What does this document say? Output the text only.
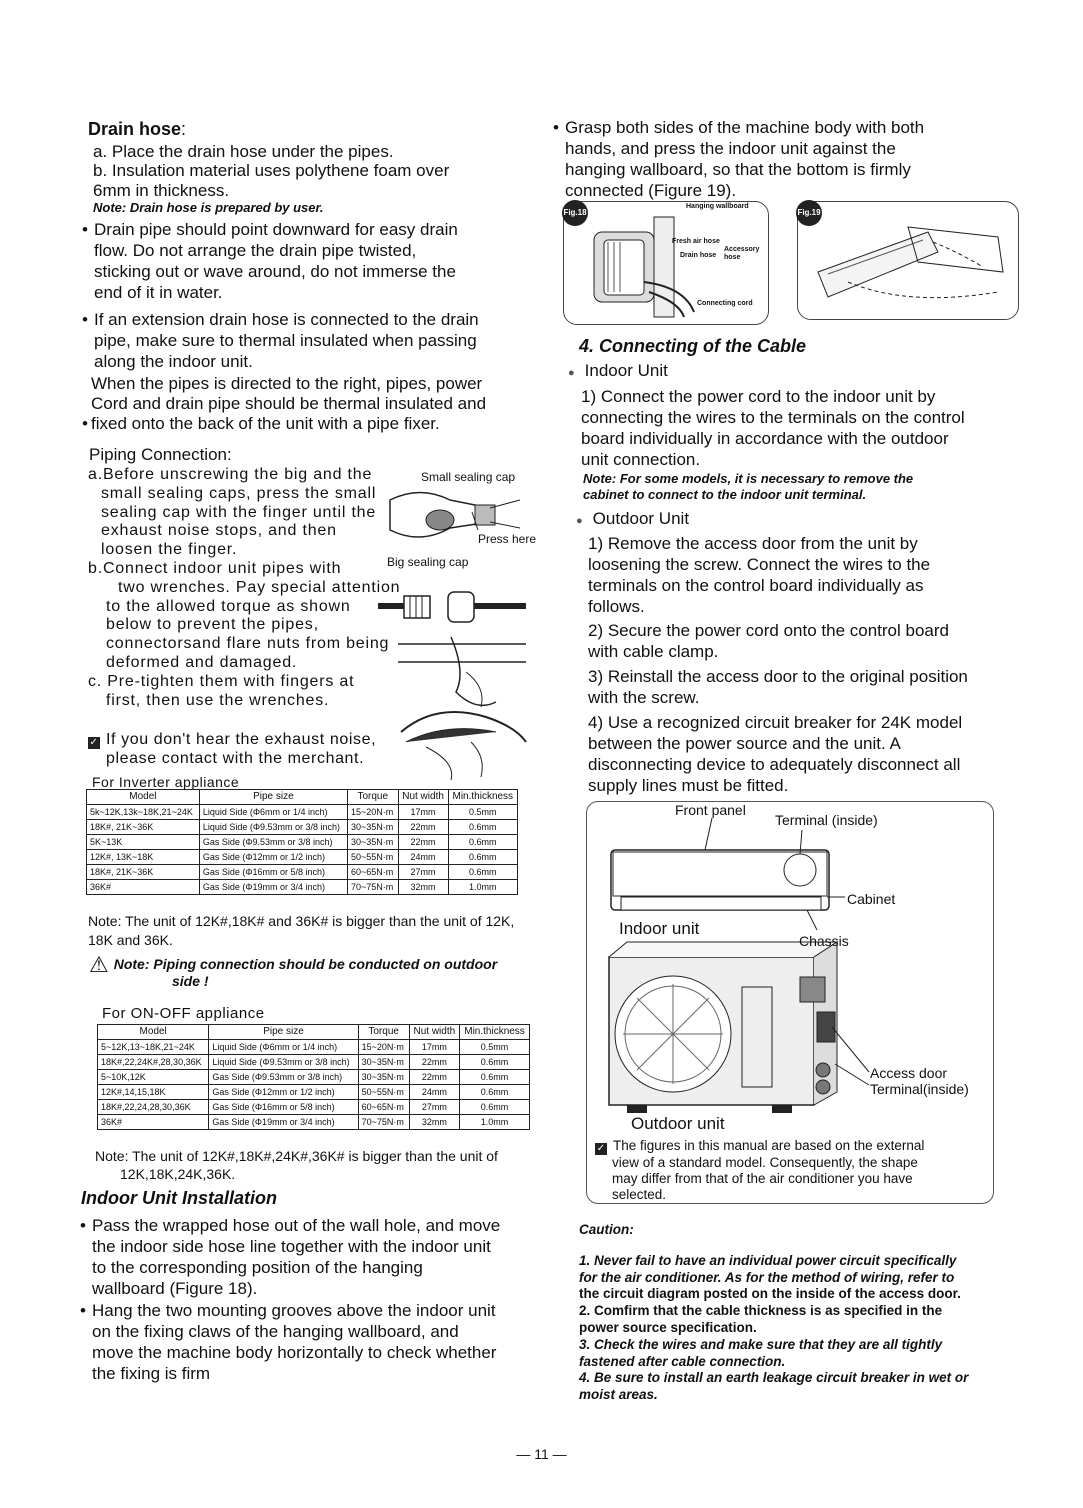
Drain hose:
a. Place the drain hose under the pipes.
b. Insulation material uses polythene foam over
6mm in thickness.
Note: Drain hose is prepared by user.
• Drain pipe should point downward for easy drain
flow. Do not arrange the drain pipe twisted,
sticking out or wave around, do not immerse the
end of it in water.
• If an extension drain hose is connected to the drain
pipe, make sure to thermal insulated when passing
along the indoor unit.
When the pipes is directed to the right, pipes, power
Cord and drain pipe should be thermal insulated and
• fixed onto the back of the unit with a pipe fixer.
Piping Connection:
a.Before unscrewing the big and the
small sealing caps, press the small
sealing cap with the finger until the
exhaust noise stops, and then
loosen the finger.
b.Connect indoor unit pipes with
two wrenches. Pay special attention
to the allowed torque as shown
below to prevent the pipes,
connectorsand flare nuts from being
deformed and damaged.
c. Pre-tighten them with fingers at
first, then use the wrenches.
Small sealing cap
Press here
Big sealing cap
✓ If you don't hear the exhaust noise,
please contact with the merchant.
For Inverter appliance
Model	Pipe size	Torque	Nut width	Min.thickness
5k~12K,13k~18K,21~24K	Liquid Side (Φ6mm or 1/4 inch)	15~20N·m	17mm	0.5mm
18K#, 21K~36K	Liquid Side (Φ9.53mm or 3/8 inch)	30~35N·m	22mm	0.6mm
5K~13K	Gas Side (Φ9.53mm or 3/8 inch)	30~35N·m	22mm	0.6mm
12K#, 13K~18K	Gas Side (Φ12mm or 1/2 inch)	50~55N·m	24mm	0.6mm
18K#, 21K~36K	Gas Side (Φ16mm or 5/8 inch)	60~65N·m	27mm	0.6mm
36K#	Gas Side (Φ19mm or 3/4 inch)	70~75N·m	32mm	1.0mm
Note: The unit of 12K#,18K# and 36K# is bigger than the unit of 12K,
18K and 36K.
⚠ Note: Piping connection should be conducted on outdoor
side !
For ON-OFF appliance
Model	Pipe size	Torque	Nut width	Min.thickness
5~12K,13~18K,21~24K	Liquid Side (Φ6mm or 1/4 inch)	15~20N·m	17mm	0.5mm
18K#,22,24K#,28,30,36K	Liquid Side (Φ9.53mm or 3/8 inch)	30~35N·m	22mm	0.6mm
5~10K,12K	Gas Side (Φ9.53mm or 3/8 inch)	30~35N·m	22mm	0.6mm
12K#,14,15,18K	Gas Side (Φ12mm or 1/2 inch)	50~55N·m	24mm	0.6mm
18K#,22,24,28,30,36K	Gas Side (Φ16mm or 5/8 inch)	60~65N·m	27mm	0.6mm
36K#	Gas Side (Φ19mm or 3/4 inch)	70~75N·m	32mm	1.0mm
Note: The unit of 12K#,18K#,24K#,36K# is bigger than the unit of
12K,18K,24K,36K.
Indoor Unit Installation
• Pass the wrapped hose out of the wall hole, and move
the indoor side hose line together with the indoor unit
to the corresponding position of the hanging
wallboard (Figure 18).
• Hang the two mounting grooves above the indoor unit
on the fixing claws of the hanging wallboard, and
move the machine body horizontally to check whether
the fixing is firm
• Grasp both sides of the machine body with both
hands, and press the indoor unit against the
hanging wallboard, so that the bottom is firmly
connected (Figure 19).
Fig.18
Hanging wallboard
Fresh air hose
Drain hose
Accessory hose
Connecting cord
Fig.19
4. Connecting of the Cable
● Indoor Unit
1) Connect the power cord to the indoor unit by
connecting the wires to the terminals on the control
board individually in accordance with the outdoor
unit connection.
Note: For some models, it is necessary to remove the
cabinet to connect to the indoor unit terminal.
● Outdoor Unit
1) Remove the access door from the unit by
loosening the screw. Connect the wires to the
terminals on the control board individually as
follows.
2) Secure the power cord onto the control board
with cable clamp.
3) Reinstall the access door to the original position
with the screw.
4) Use a recognized circuit breaker for 24K model
between the power source and the unit. A
disconnecting device to adequately disconnect all
supply lines must be fitted.
Front panel
Terminal (inside)
Cabinet
Indoor unit
Chassis
Access door
Terminal(inside)
Outdoor unit
✓ The figures in this manual are based on the external
view of a standard model. Consequently, the shape
may differ from that of the air conditioner you have
selected.
Caution:
1. Never fail to have an individual power circuit specifically
for the air conditioner. As for the method of wiring, refer to
the circuit diagram posted on the inside of the access door.
2. Comfirm that the cable thickness is as specified in the
power source specification.
3. Check the wires and make sure that they are all tightly
fastened after cable connection.
4. Be sure to install an earth leakage circuit breaker in wet or
moist areas.
— 11 —
